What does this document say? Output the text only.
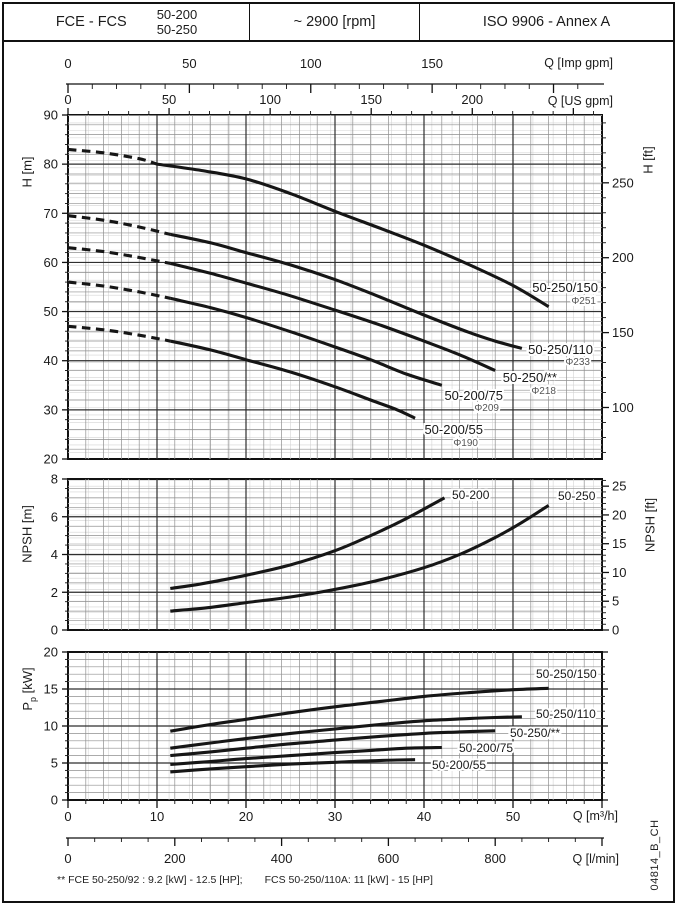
FCE - FCS 50-200
50-250	~ 2900 [rpm]	ISO 9906 - Annex A
20
30
40
50
60
70
80
90
100
150
200
250
50-250/150
Φ251
50-250/110
Φ233
50-250/**
Φ218
50-200/75
Φ209
50-200/55
Φ190
0
2
4
6
8
0
5
10
15
20
25
50-200	50-250
0
5
10
15
20
50-250/150
50-250/110
50-250/**
50-200/75
50-200/55
0	50	100	150
0	50	100	150	200
0	10	20	30	40	50
0	200	400	600	800
Q [Imp gpm]
Q [US gpm]
Q [m³/h]
Q [l/min]
H [m]	H [ft]
NPSH [m]	NPSH [ft]
$P_p$ [kW]
** FCE 50-250/92 : 9.2 [kW] - 12.5 [HP]; FCS 50-250/110A: 11 [kW] - 15 [HP]	04814_B_CH
